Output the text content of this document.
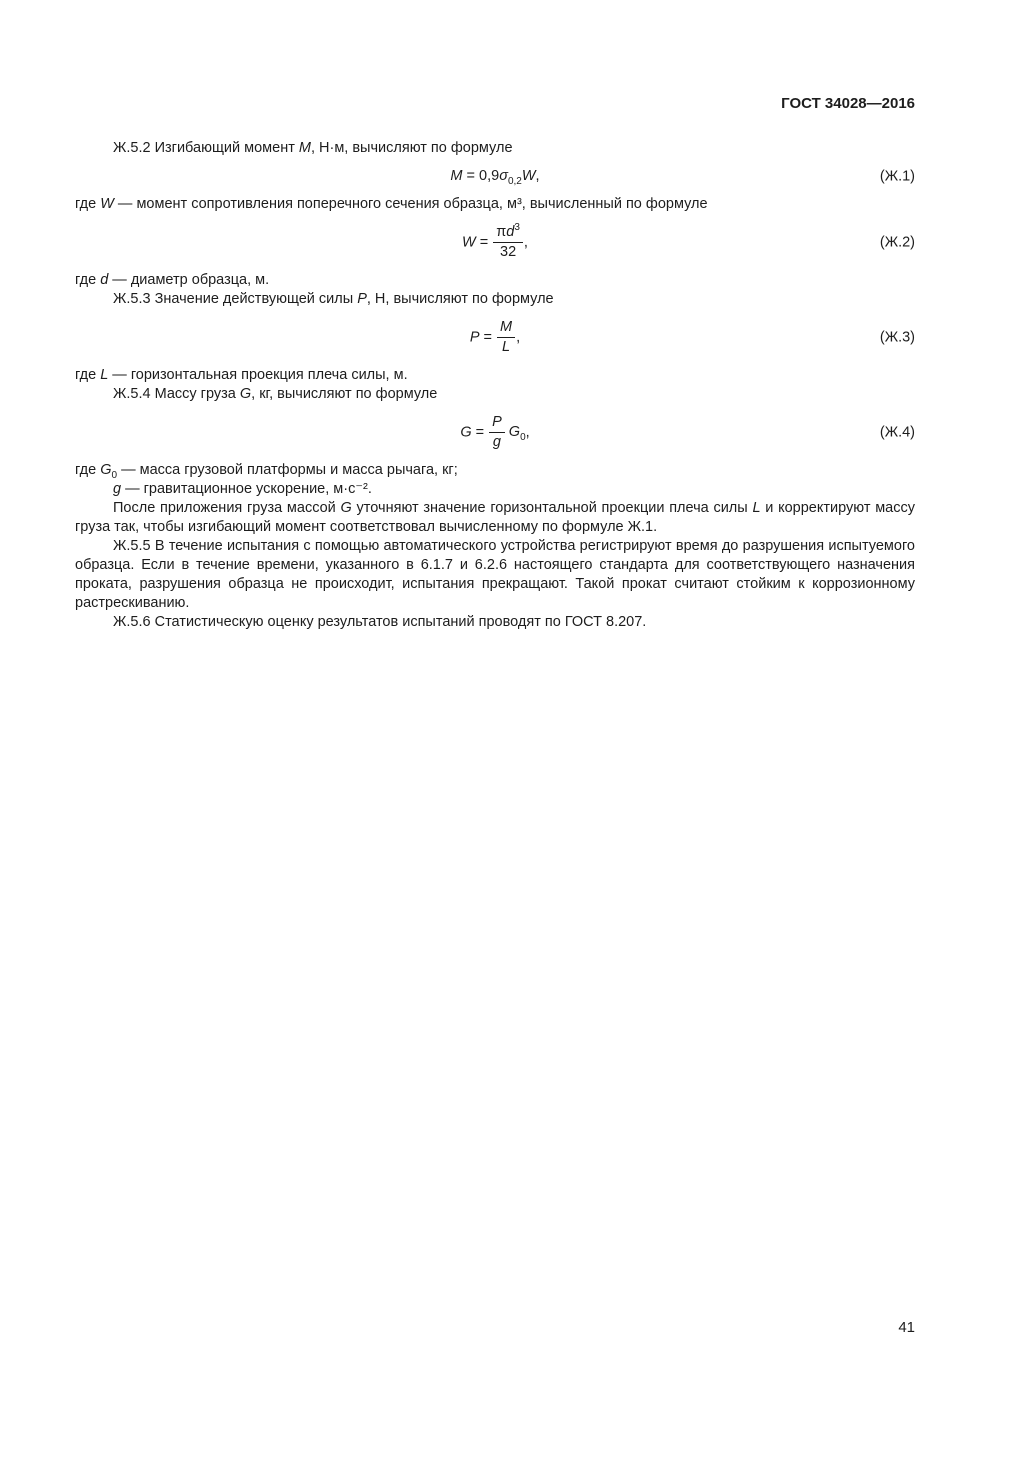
ГОСТ 34028—2016

Ж.5.2 Изгибающий момент M, Н·м, вычисляют по формуле

$M = 0,9\sigma_{0,2}W$,	(Ж.1)

где W — момент сопротивления поперечного сечения образца, м³, вычисленный по формуле

$W = \frac{\pi d^3}{32}$ ,	(Ж.2)

где d — диаметр образца, м.

Ж.5.3 Значение действующей силы P, Н, вычисляют по формуле

$P = \frac{M}{L}$ ,	(Ж.3)

где L — горизонтальная проекция плеча силы, м.

Ж.5.4 Массу груза G, кг, вычисляют по формуле

$G = \frac{P}{g} G_0$,	(Ж.4)

где $G_0$ — масса грузовой платформы и масса рычага, кг;

g — гравитационное ускорение, м·с⁻².

После приложения груза массой G уточняют значение горизонтальной проекции плеча силы L и корректируют массу груза так, чтобы изгибающий момент соответствовал вычисленному по формуле Ж.1.

Ж.5.5 В течение испытания с помощью автоматического устройства регистрируют время до разрушения испытуемого образца. Если в течение времени, указанного в 6.1.7 и 6.2.6 настоящего стандарта для соответствующего назначения проката, разрушения образца не происходит, испытания прекращают. Такой прокат считают стойким к коррозионному растрескиванию.

Ж.5.6 Статистическую оценку результатов испытаний проводят по ГОСТ 8.207.

41
